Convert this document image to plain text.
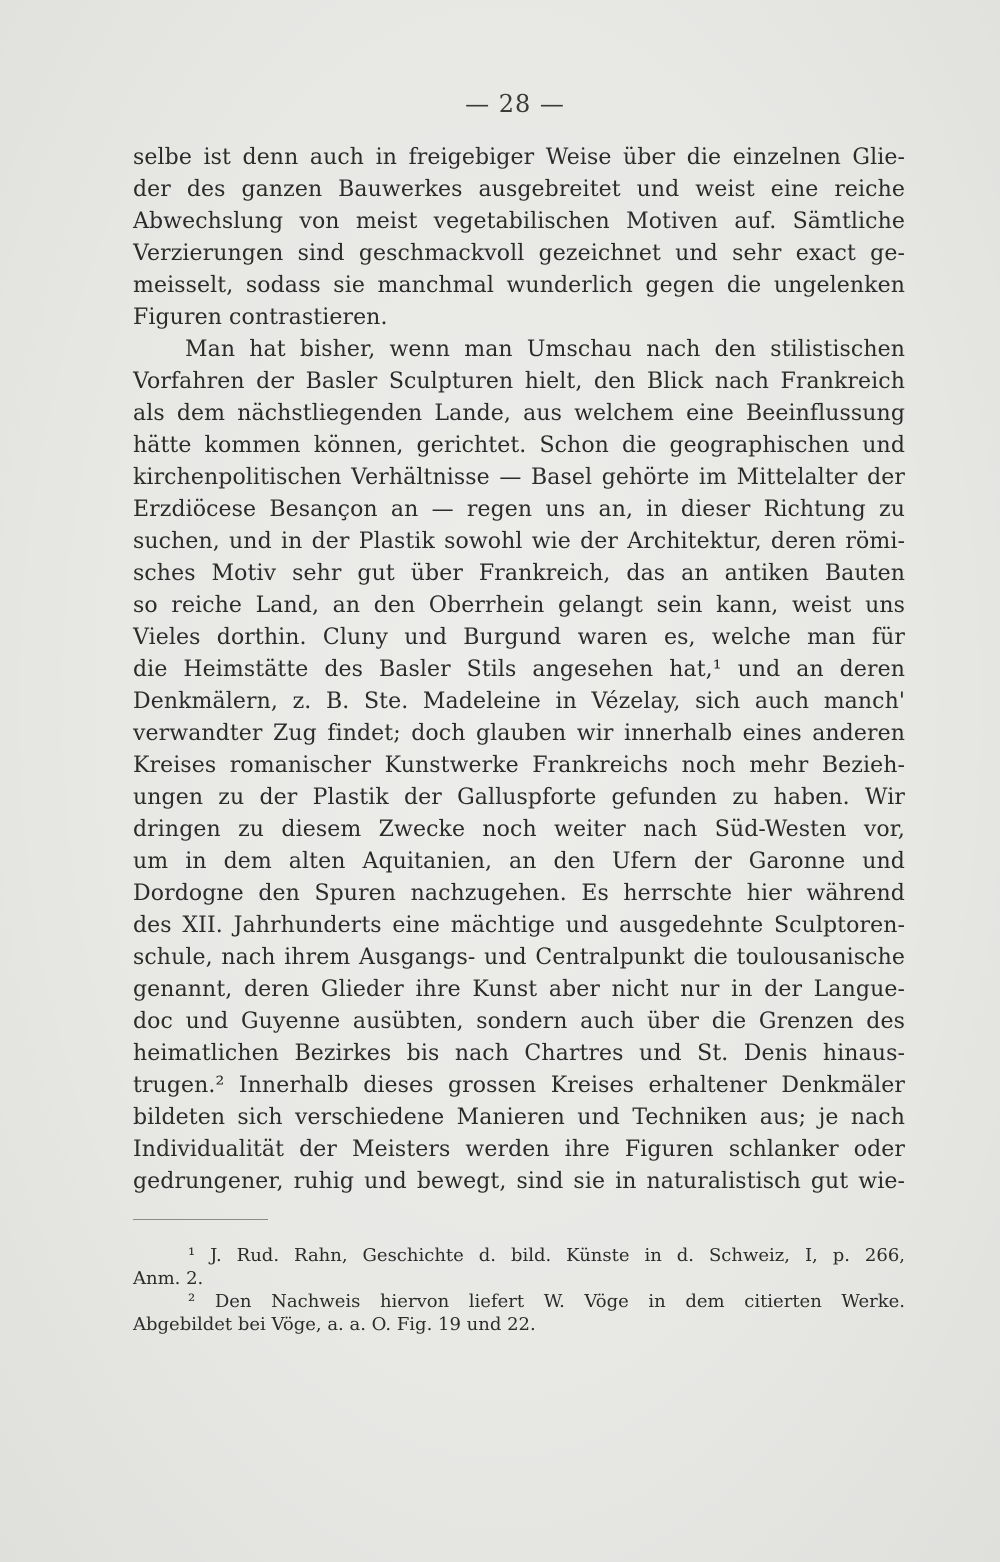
— 28 —
selbe ist denn auch in freigebiger Weise über die einzelnen Glie-
der des ganzen Bauwerkes ausgebreitet und weist eine reiche
Abwechslung von meist vegetabilischen Motiven auf. Sämtliche
Verzierungen sind geschmackvoll gezeichnet und sehr exact ge-
meisselt, sodass sie manchmal wunderlich gegen die ungelenken
Figuren contrastieren.
Man hat bisher, wenn man Umschau nach den stilistischen
Vorfahren der Basler Sculpturen hielt, den Blick nach Frankreich
als dem nächstliegenden Lande, aus welchem eine Beeinflussung
hätte kommen können, gerichtet. Schon die geographischen und
kirchenpolitischen Verhältnisse — Basel gehörte im Mittelalter der
Erzdiöcese Besançon an — regen uns an, in dieser Richtung zu
suchen, und in der Plastik sowohl wie der Architektur, deren römi-
sches Motiv sehr gut über Frankreich, das an antiken Bauten
so reiche Land, an den Oberrhein gelangt sein kann, weist uns
Vieles dorthin. Cluny und Burgund waren es, welche man für
die Heimstätte des Basler Stils angesehen hat,¹ und an deren
Denkmälern, z. B. Ste. Madeleine in Vézelay, sich auch manch'
verwandter Zug findet; doch glauben wir innerhalb eines anderen
Kreises romanischer Kunstwerke Frankreichs noch mehr Bezieh-
ungen zu der Plastik der Galluspforte gefunden zu haben. Wir
dringen zu diesem Zwecke noch weiter nach Süd-Westen vor,
um in dem alten Aquitanien, an den Ufern der Garonne und
Dordogne den Spuren nachzugehen. Es herrschte hier während
des XII. Jahrhunderts eine mächtige und ausgedehnte Sculptoren-
schule, nach ihrem Ausgangs- und Centralpunkt die toulousanische
genannt, deren Glieder ihre Kunst aber nicht nur in der Langue-
doc und Guyenne ausübten, sondern auch über die Grenzen des
heimatlichen Bezirkes bis nach Chartres und St. Denis hinaus-
trugen.² Innerhalb dieses grossen Kreises erhaltener Denkmäler
bildeten sich verschiedene Manieren und Techniken aus; je nach
Individualität der Meisters werden ihre Figuren schlanker oder
gedrungener, ruhig und bewegt, sind sie in naturalistisch gut wie-
¹ J. Rud. Rahn, Geschichte d. bild. Künste in d. Schweiz, I, p. 266,
Anm. 2.
² Den Nachweis hiervon liefert W. Vöge in dem citierten Werke.
Abgebildet bei Vöge, a. a. O. Fig. 19 und 22.
